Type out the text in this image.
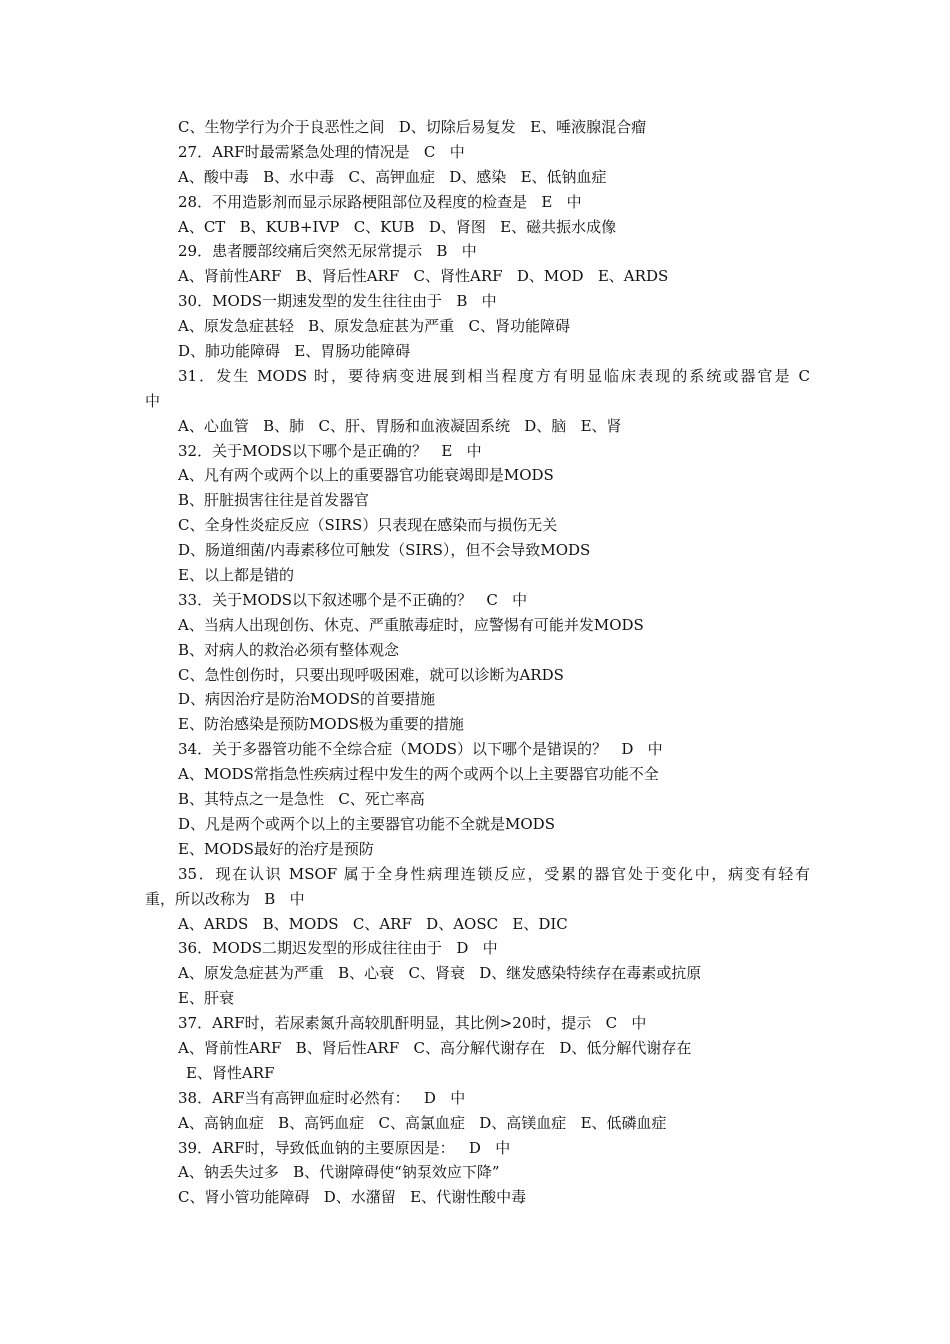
C、生物学行为介于良恶性之间   D、切除后易复发   E、唾液腺混合瘤
27．ARF时最需紧急处理的情况是   C   中
A、酸中毒   B、水中毒   C、高钾血症   D、感染   E、低钠血症
28．不用造影剂而显示尿路梗阻部位及程度的检查是   E   中
A、CT   B、KUB+IVP   C、KUB   D、肾图   E、磁共振水成像
29．患者腰部绞痛后突然无尿常提示   B   中
A、肾前性ARF   B、肾后性ARF   C、肾性ARF   D、MOD   E、ARDS
30．MODS一期速发型的发生往往由于   B   中
A、原发急症甚轻   B、原发急症甚为严重   C、肾功能障碍
D、肺功能障碍   E、胃肠功能障碍
31．发生 MODS 时，要待病变进展到相当程度方有明显临床表现的系统或器官是 C
中
A、心血管   B、肺   C、肝、胃肠和血液凝固系统   D、脑   E、肾
32．关于MODS以下哪个是正确的？   E   中
A、凡有两个或两个以上的重要器官功能衰竭即是MODS
B、肝脏损害往往是首发器官
C、全身性炎症反应（SIRS）只表现在感染而与损伤无关
D、肠道细菌/内毒素移位可触发（SIRS），但不会导致MODS
E、以上都是错的
33．关于MODS以下叙述哪个是不正确的？   C   中
A、当病人出现创伤、休克、严重脓毒症时，应警惕有可能并发MODS
B、对病人的救治必须有整体观念
C、急性创伤时，只要出现呼吸困难，就可以诊断为ARDS
D、病因治疗是防治MODS的首要措施
E、防治感染是预防MODS极为重要的措施
34．关于多器管功能不全综合症（MODS）以下哪个是错误的？   D   中
A、MODS常指急性疾病过程中发生的两个或两个以上主要器官功能不全
B、其特点之一是急性   C、死亡率高
D、凡是两个或两个以上的主要器官功能不全就是MODS
E、MODS最好的治疗是预防
35．现在认识 MSOF 属于全身性病理连锁反应，受累的器官处于变化中，病变有轻有
重，所以改称为   B   中
A、ARDS   B、MODS   C、ARF   D、AOSC   E、DIC
36．MODS二期迟发型的形成往往由于   D   中
A、原发急症甚为严重   B、心衰   C、肾衰   D、继发感染特续存在毒素或抗原
E、肝衰
37．ARF时，若尿素氮升高较肌酐明显，其比例>20时，提示   C   中
A、肾前性ARF   B、肾后性ARF   C、高分解代谢存在   D、低分解代谢存在
E、肾性ARF
38．ARF当有高钾血症时必然有：   D   中
A、高钠血症   B、高钙血症   C、高氯血症   D、高镁血症   E、低磷血症
39．ARF时，导致低血钠的主要原因是：   D   中
A、钠丢失过多   B、代谢障碍使“钠泵效应下降”
C、肾小管功能障碍   D、水潴留   E、代谢性酸中毒
